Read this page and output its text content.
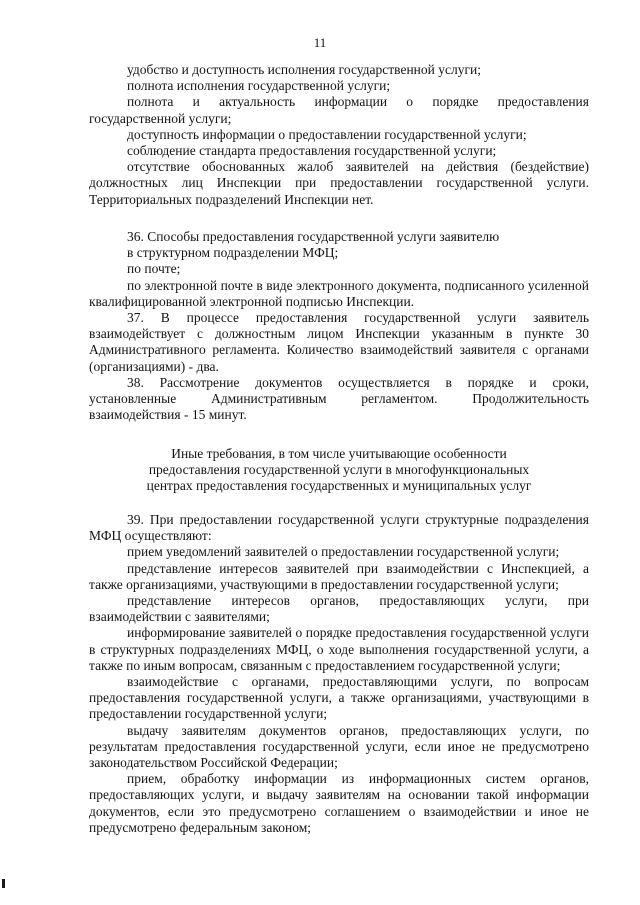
11

удобство и доступность исполнения государственной услуги;

полнота исполнения государственной услуги;

полнота и актуальность информации о порядке предоставления государственной услуги;

доступность информации о предоставлении государственной услуги;

соблюдение стандарта предоставления государственной услуги;

отсутствие обоснованных жалоб заявителей на действия (бездействие) должностных лиц Инспекции при предоставлении государственной услуги. Территориальных подразделений Инспекции нет.

36. Способы предоставления государственной услуги заявителю

в структурном подразделении МФЦ;

по почте;

по электронной почте в виде электронного документа, подписанного усиленной квалифицированной электронной подписью Инспекции.

37. В процессе предоставления государственной услуги заявитель взаимодействует с должностным лицом Инспекции указанным в пункте 30 Административного регламента. Количество взаимодействий заявителя с органами (организациями) - два.

38. Рассмотрение документов осуществляется в порядке и сроки, установленные Административным регламентом. Продолжительность взаимодействия - 15 минут.

Иные требования, в том числе учитывающие особенности
предоставления государственной услуги в многофункциональных
центрах предоставления государственных и муниципальных услуг

39. При предоставлении государственной услуги структурные подразделения МФЦ осуществляют:

прием уведомлений заявителей о предоставлении государственной услуги;

представление интересов заявителей при взаимодействии с Инспекцией, а также организациями, участвующими в предоставлении государственной услуги;

представление интересов органов, предоставляющих услуги, при взаимодействии с заявителями;

информирование заявителей о порядке предоставления государственной услуги в структурных подразделениях МФЦ, о ходе выполнения государственной услуги, а также по иным вопросам, связанным с предоставлением государственной услуги;

взаимодействие с органами, предоставляющими услуги, по вопросам предоставления государственной услуги, а также организациями, участвующими в предоставлении государственной услуги;

выдачу заявителям документов органов, предоставляющих услуги, по результатам предоставления государственной услуги, если иное не предусмотрено законодательством Российской Федерации;

прием, обработку информации из информационных систем органов, предоставляющих услуги, и выдачу заявителям на основании такой информации документов, если это предусмотрено соглашением о взаимодействии и иное не предусмотрено федеральным законом;
